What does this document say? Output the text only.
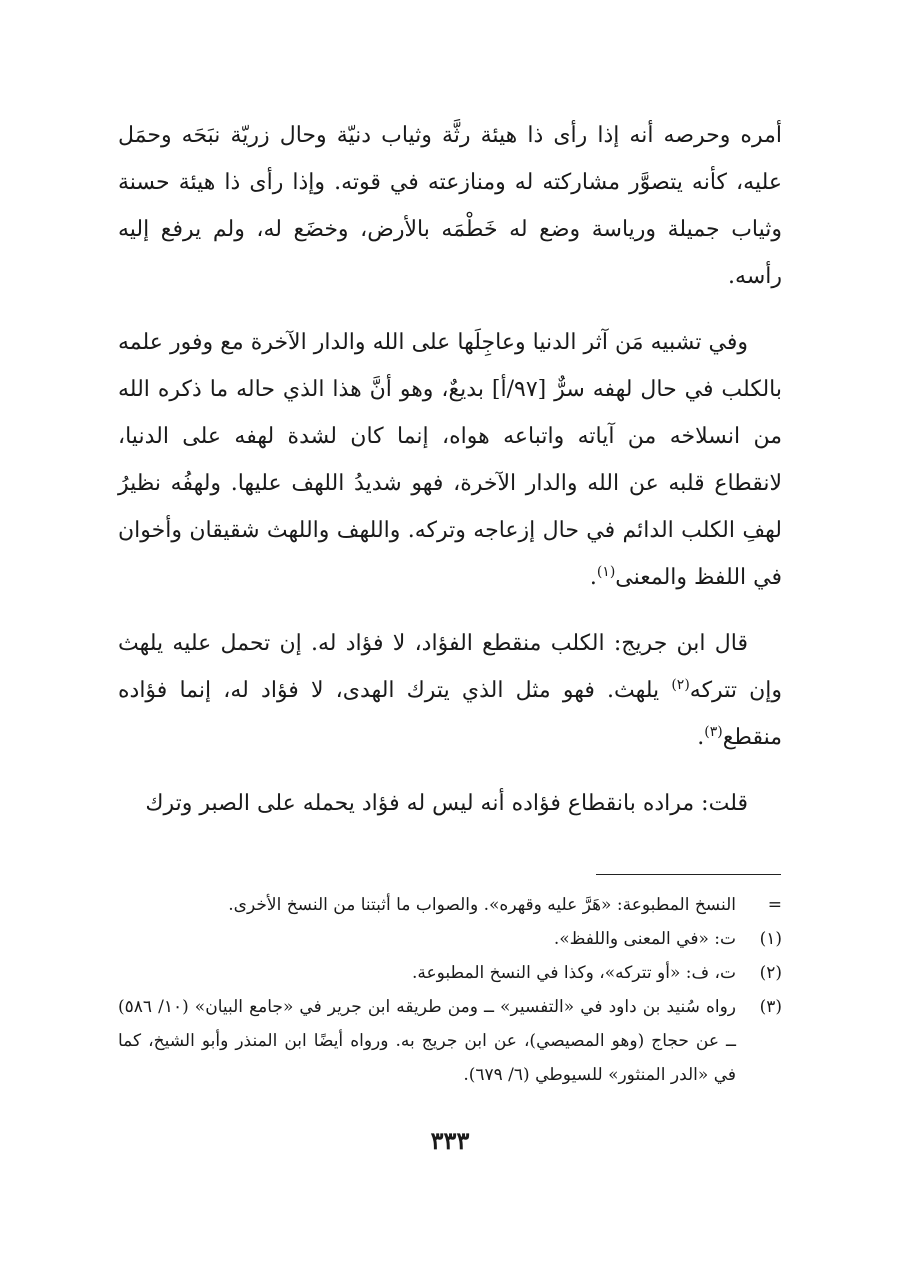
أمره وحرصه أنه إذا رأى ذا هيئة رثَّة وثياب دنيّة وحال زريّة نبَحَه وحمَل عليه، كأنه يتصوَّر مشاركته له ومنازعته في قوته. وإذا رأى ذا هيئة حسنة وثياب جميلة ورياسة وضع له خَطْمَه بالأرض، وخضَع له، ولم يرفع إليه رأسه.

وفي تشبيه مَن آثر الدنيا وعاجِلَها على الله والدار الآخرة مع وفور علمه بالكلب في حال لهفه سرٌّ [٩٧/أ] بديعٌ، وهو أنَّ هذا الذي حاله ما ذكره الله من انسلاخه من آياته واتباعه هواه، إنما كان لشدة لهفه على الدنيا، لانقطاع قلبه عن الله والدار الآخرة، فهو شديدُ اللهف عليها. ولهفُه نظيرُ لهفِ الكلب الدائم في حال إزعاجه وتركه. واللهف واللهث شقيقان وأخوان في اللفظ والمعنى$^{(١)}$.

قال ابن جريج: الكلب منقطع الفؤاد، لا فؤاد له. إن تحمل عليه يلهث وإن تتركه$^{(٢)}$ يلهث. فهو مثل الذي يترك الهدى، لا فؤاد له، إنما فؤاده منقطع$^{(٣)}$.

قلت: مراده بانقطاع فؤاده أنه ليس له فؤاد يحمله على الصبر وترك

=
النسخ المطبوعة: «هَرَّ عليه وقهره». والصواب ما أثبتنا من النسخ الأخرى.
(١)
ت: «في المعنى واللفظ».
(٢)
ت، ف: «أو تتركه»، وكذا في النسخ المطبوعة.
(٣)
رواه سُنيد بن داود في «التفسير» ــ ومن طريقه ابن جرير في «جامع البيان» (١٠/ ٥٨٦) ــ عن حجاج (وهو المصيصي)، عن ابن جريج به. ورواه أيضًا ابن المنذر وأبو الشيخ، كما في «الدر المنثور» للسيوطي (٦/ ٦٧٩).
٣٣٣
